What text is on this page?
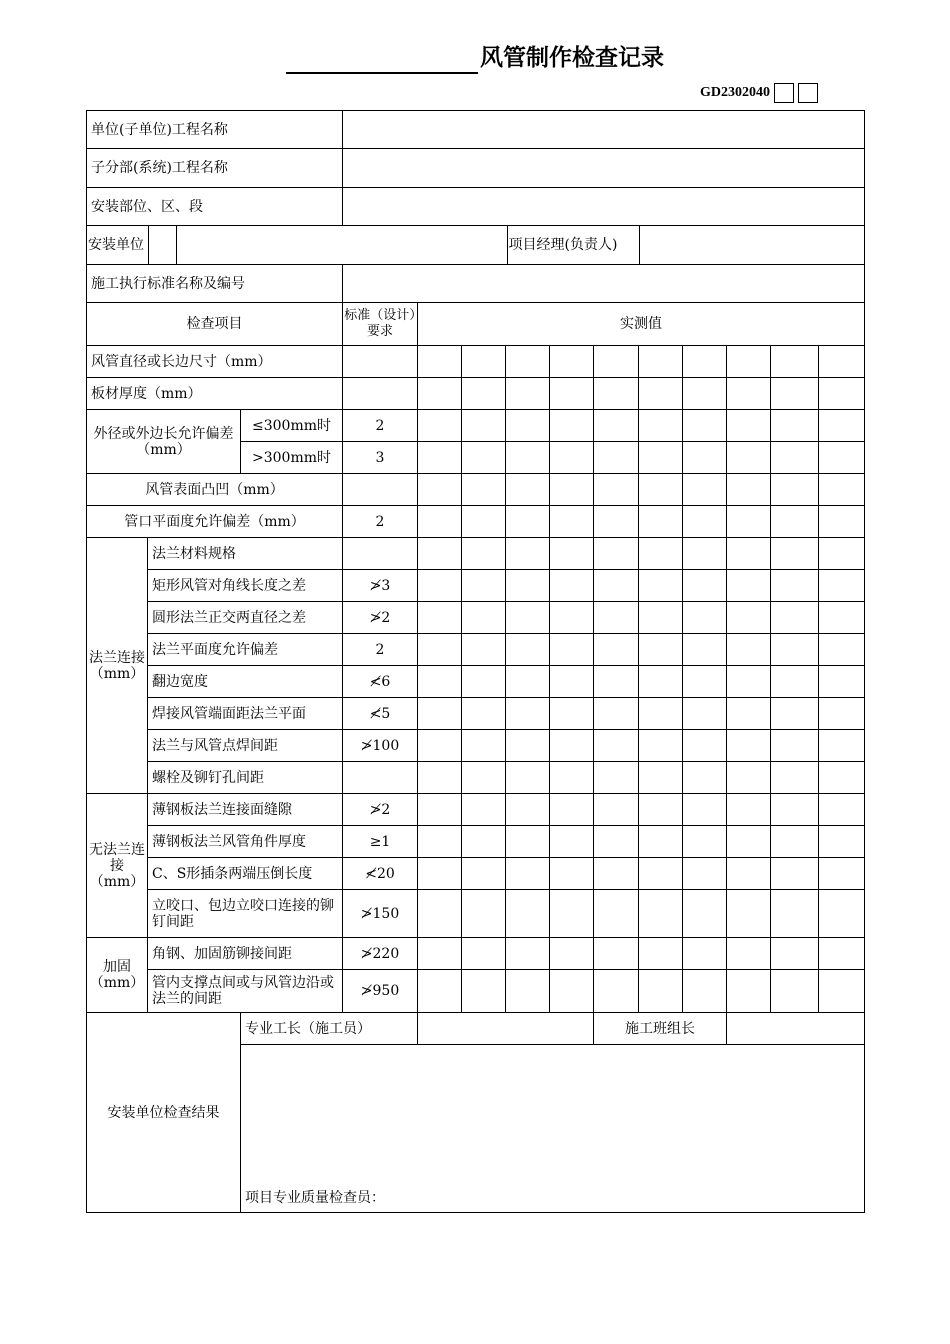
风管制作检查记录
GD2302040
单位(子单位)工程名称	
子分部(系统)工程名称	
安装部位、区、段	

安装单位			项目经理(负责人)	

施工执行标准名称及编号	
检查项目	标准（设计）要求	实测值
风管直径或长边尺寸（mm）											
板材厚度（mm）											
外径或外边长允许偏差（mm）	≤300mm时	2										
>300mm时	3										
风管表面凸凹（mm）											
管口平面度允许偏差（mm）	2										
法兰连接（mm）	法兰材料规格											
矩形风管对角线长度之差	≯3										
圆形法兰正交两直径之差	≯2										
法兰平面度允许偏差	2										
翻边宽度	≮6										
焊接风管端面距法兰平面	≮5										
法兰与风管点焊间距	≯100										
螺栓及铆钉孔间距											
无法兰连接（mm）	薄钢板法兰连接面缝隙	≯2										
薄钢板法兰风管角件厚度	≥1										
C、S形插条两端压倒长度	≮20										
立咬口、包边立咬口连接的铆钉间距	≯150										
加固（mm）	角钢、加固筋铆接间距	≯220										
管内支撑点间或与风管边沿或法兰的间距	≯950										
安装单位检查结果	专业工长（施工员）		施工班组长	
项目专业质量检查员：
